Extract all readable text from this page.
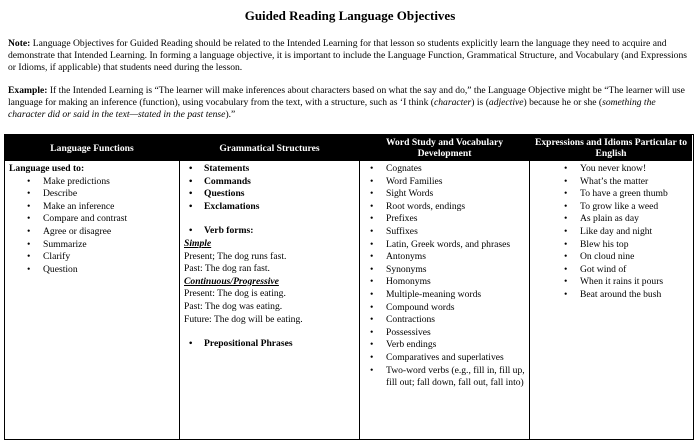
Guided Reading Language Objectives
Note: Language Objectives for Guided Reading should be related to the Intended Learning for that lesson so students explicitly learn the language they need to acquire and demonstrate that Intended Learning. In forming a language objective, it is important to include the Language Function, Grammatical Structure, and Vocabulary (and Expressions or Idioms, if applicable) that students need during the lesson.
Example: If the Intended Learning is “The learner will make inferences about characters based on what the say and do,” the Language Objective might be “The learner will use language for making an inference (function), using vocabulary from the text, with a structure, such as ‘I think (character) is (adjective) because he or she (something the character did or said in the text—stated in the past tense).”
Language Functions
Language used to:
• Make predictions
• Describe
• Make an inference
• Compare and contrast
• Agree or disagree
• Summarize
• Clarify
• Question
Grammatical Structures
• Statements
• Commands
• Questions
• Exclamations
• Verb forms:
Simple
Present; The dog runs fast.
Past: The dog ran fast.
Continuous/Progressive
Present: The dog is eating.
Past: The dog was eating.
Future: The dog will be eating.
• Prepositional Phrases
Word Study and Vocabulary Development
• Cognates
• Word Families
• Sight Words
• Root words, endings
• Prefixes
• Suffixes
• Latin, Greek words, and phrases
• Antonyms
• Synonyms
• Homonyms
• Multiple-meaning words
• Compound words
• Contractions
• Possessives
• Verb endings
• Comparatives and superlatives
• Two-word verbs (e.g., fill in, fill up, fill out; fall down, fall out, fall into)
Expressions and Idioms Particular to English
• You never know!
• What’s the matter
• To have a green thumb
• To grow like a weed
• As plain as day
• Like day and night
• Blew his top
• On cloud nine
• Got wind of
• When it rains it pours
• Beat around the bush
